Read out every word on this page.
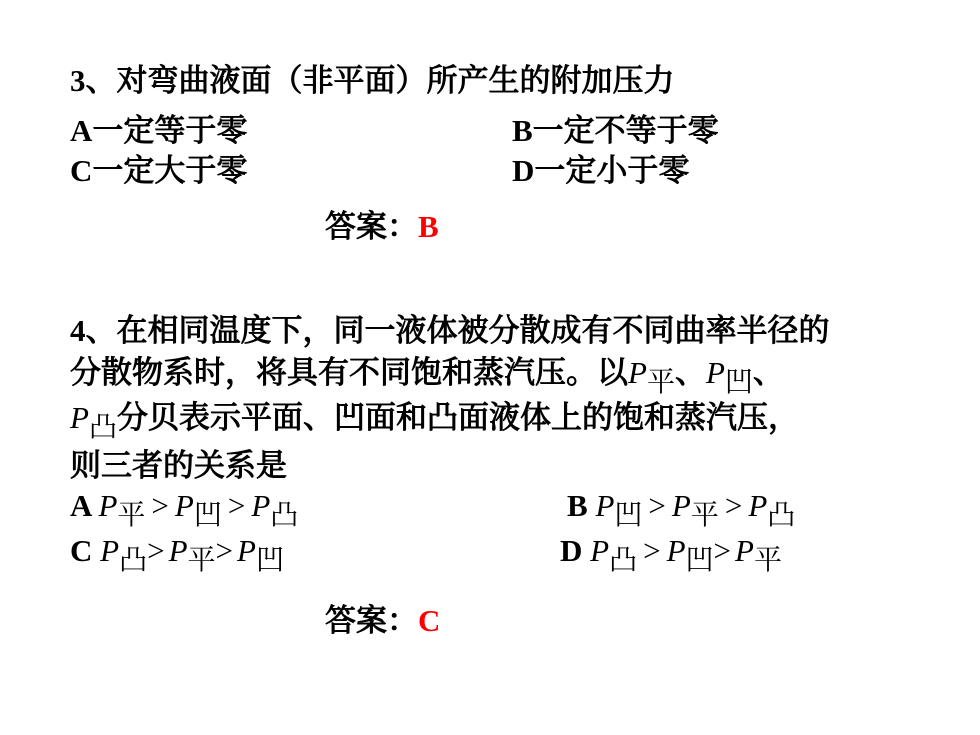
3、对弯曲液面（非平面）所产生的附加压力
A一定等于零	B一定不等于零
C一定大于零	D一定小于零
答案：B
4、在相同温度下，同一液体被分散成有不同曲率半径的
分散物系时，将具有不同饱和蒸汽压。以P平、P凹、
P凸分贝表示平面、凹面和凸面液体上的饱和蒸汽压，
则三者的关系是
A P平 > P凹 > P凸	B P凹 > P平 > P凸
C P凸> P平> P凹	D P凸 > P凹> P平
答案：C
